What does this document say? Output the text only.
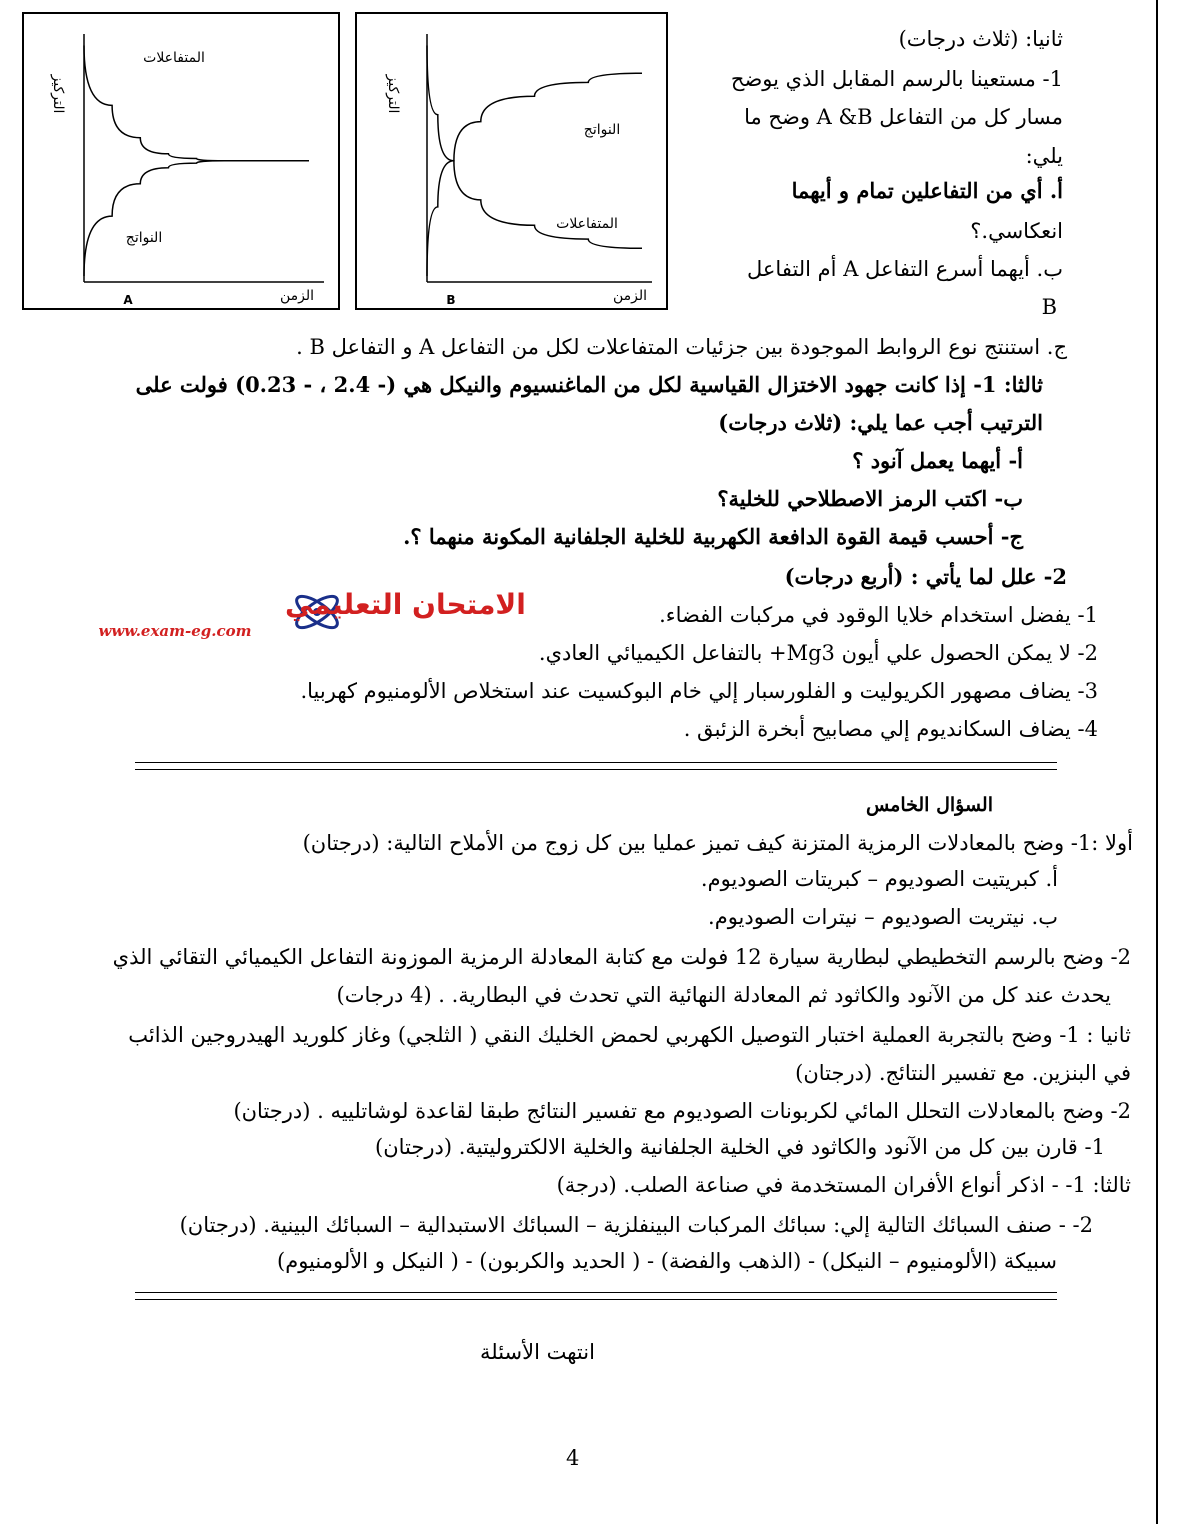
التركيز
المتفاعلات
النواتج
الزمن
A
التركيز
النواتج
المتفاعلات
الزمن
B
ثانيا: (ثلاث درجات)
1- مستعينا بالرسم المقابل الذي يوضح
مسار كل من التفاعل A &B وضح ما
يلي:
أ. أي من التفاعلين تمام و أيهما
انعكاسي.؟
ب. أيهما أسرع التفاعل A أم التفاعل
B
ج. استنتج نوع الروابط الموجودة بين جزئيات المتفاعلات لكل من التفاعل A و التفاعل B .
ثالثا: 1- إذا كانت جهود الاختزال القياسية لكل من الماغنسيوم والنيكل هي (- 2.4 ، - 0.23) فولت على
الترتيب أجب عما يلي: (ثلاث درجات)
أ- أيهما يعمل آنود ؟
ب- اكتب الرمز الاصطلاحي للخلية؟
ج- أحسب قيمة القوة الدافعة الكهربية للخلية الجلفانية المكونة منهما ؟.
2- علل لما يأتي : (أربع درجات)
1- يفضل استخدام خلايا الوقود في مركبات الفضاء.
2- لا يمكن الحصول علي أيون Mg3+ بالتفاعل الكيميائي العادي.
3- يضاف مصهور الكريوليت و الفلورسبار إلي خام البوكسيت عند استخلاص الألومنيوم كهربيا.
4- يضاف السكانديوم إلي مصابيح أبخرة الزئبق .
الامتحان التعليمي
www.exam-eg.com
السؤال الخامس
أولا :1- وضح بالمعادلات الرمزية المتزنة كيف تميز عمليا بين كل زوج من الأملاح التالية: (درجتان)
أ. كبريتيت الصوديوم – كبريتات الصوديوم.
ب. نيتريت الصوديوم – نيترات الصوديوم.
2- وضح بالرسم التخطيطي لبطارية سيارة 12 فولت مع كتابة المعادلة الرمزية الموزونة التفاعل الكيميائي التقائي الذي
يحدث عند كل من الآنود والكاثود ثم المعادلة النهائية التي تحدث في البطارية. . (4 درجات)
ثانيا : 1- وضح بالتجربة العملية اختبار التوصيل الكهربي لحمض الخليك النقي ( الثلجي) وغاز كلوريد الهيدروجين الذائب
في البنزين. مع تفسير النتائج. (درجتان)
2- وضح بالمعادلات التحلل المائي لكربونات الصوديوم مع تفسير النتائج طبقا لقاعدة لوشاتلييه . (درجتان)
1- قارن بين كل من الآنود والكاثود في الخلية الجلفانية والخلية الالكتروليتية. (درجتان)
ثالثا: 1- - اذكر أنواع الأفران المستخدمة في صناعة الصلب. (درجة)
2- - صنف السبائك التالية إلي: سبائك المركبات البينفلزية – السبائك الاستبدالية – السبائك البينية. (درجتان)
سبيكة (الألومنيوم – النيكل) - (الذهب والفضة) - ( الحديد والكربون) - ( النيكل و الألومنيوم)
انتهت الأسئلة
4
